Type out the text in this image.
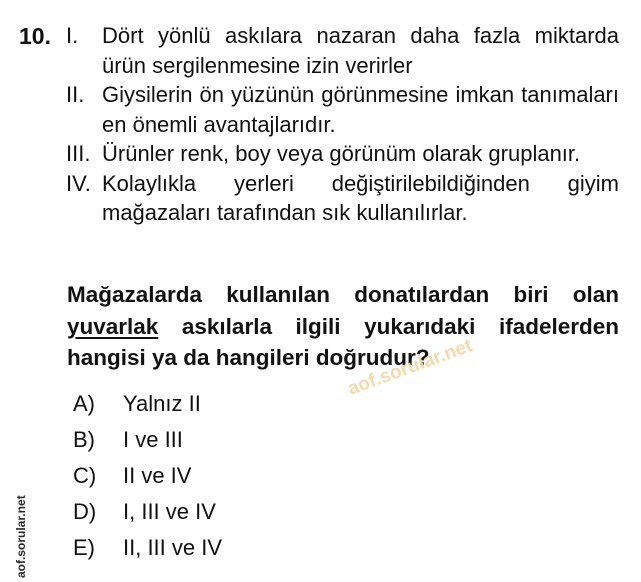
10. I. Dört yönlü askılara nazaran daha fazla miktarda ürün sergilenmesine izin verirler
II. Giysilerin ön yüzünün görünmesine imkan tanımaları en önemli avantajlarıdır.
III. Ürünler renk, boy veya görünüm olarak gruplanır.
IV. Kolaylıkla yerleri değiştirilebildiğinden giyim mağazaları tarafından sık kullanılırlar.
Mağazalarda kullanılan donatılardan biri olan yuvarlak askılarla ilgili yukarıdaki ifadelerden hangisi ya da hangileri doğrudur?
aof.sorular.net
A) Yalnız II
B) I ve III
C) II ve IV
D) I, III ve IV
E) II, III ve IV
aof.sorular.net
